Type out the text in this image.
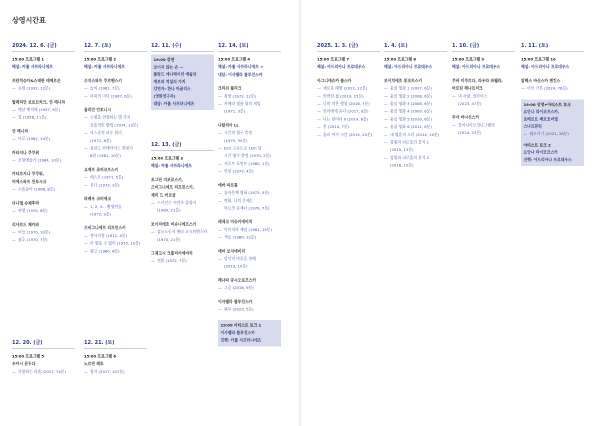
상영시간표
2024. 12. 6. (금)
15:00 프로그램 1
해설: 카롤 사프라니에츠
프란치슈카&스테판 테메르손
— 유럽 (1932, 12분)
발레리안 보로브치크, 얀 레니차
— 옛날 옛적에 (1957, 9분)
— 집 (1958, 11분)
얀 레니차
— 미로 (1962, 14분)
카타지나 쿠쿠워
— 조형예술가 (1964, 10분)
카타르지나 쿠쿠워,
비에스와프 찬토시크
— 소용돌이 (1968, 8분)
다니엘 슈체후라
— 여행 (1970, 8분)
리샤르드 체카와
— 아들 (1970, 10분)
— 점호 (1970, 7분)
12. 7. (토)
15:00 프로그램 2
해설: 카롤 사프라니에츠
즈지스와프 쿠르펜스키
— 놀이 (1962, 7분)
— 파괴의 미덕 (1967, 6분)
율리안 안토니시
— 수평을 연장하는 몇 가지
실용적인 방법 (1974, 13분)
— 닉스준의 파동 원리
(1971, 8분)
— 폴란드 카메라리스 연대기
6편 (1981, 10분)
요제프 로비코프스키
— 테스트 (1971, 5분)
— 진다 (1973, 3분)
파베우 크비에크
— 1, 2, 3... 촬영연습
(1972, 9분)
즈비그니에프 리프친스키
— 정사각형 (1972, 4분)
— 이 방을 수 없어 (1975, 10분)
— 탱고 (1980, 8분)
12. 11. (수)
19:00 강연
보이지 않는 손 —
폴란드 애니메이션 예술의
계보와 역설의 가치
강연자: 한나 마골리스
(영화연구자)
대담: 카롤 사프라니에츠
12. 13. (금)
15:00 프로그램 3
해설: 카롤 사프라니에츠
보그단 지보로스키,
즈비그니에프 리프친스키,
제리 드 커르글
— 스키선수 프란츠 플링어
(1980, 21분)
보이치에흐 비슈니에프스키
— 섬유노동자 헨타 고시치엔스카
(1975, 21분)
그제고시 크롤리키에비치
— 전환 (1972, 7분)
12. 14. (토)
15:00 프로그램 4
해설: 카롤 사프라니에츠 ×
대담: 이사벨라 플루친스카
크리쉬 풀리크
— 잠망 (1972, 12분)
— 카메라 필름 위의 게임
(1971, 3분)
나탈리아 LL
— 시간의 영구 측정
(1970, 30분)
— E22 고속도로 1km 당
시간 영구 측정 (1970, 2분)
— 서로트 포인트 (1980, 1분)
— 인상 (1973, 4분)
에바 파르톰
— 돌아온체 영화 (1973, 5분)
— 변화, 나의 문제는
마르의 문제다 (1979, 7분)
레세크 미슈키에비치
— 이미지의 게임 (1981, 15분)
— 색들 (1980, 12분)
에바 보지에비치
— 당신의 마음을 향해
(2013, 10분)
레나타 공시오로프스카
— 그곳 (2016, 9분)
이자벨라 플루친스카
— 외부 (2023, 5분)
19:00 아티스트 토크 1
이사벨라 플루친스카
진행: 카롤 사프라니에츠
12. 20. (금)
15:00 프로그램 5
우카시 몬두다
— 사랑하는 피숍 (2017, 74분)
12. 21. (토)
15:00 프로그램 6
노르만 레토
— 광자 (2017, 107분)
2025. 1. 3. (금)
15:00 프로그램 7
해설: 아드리아나 프로데우스
아그니에슈카 폴스카
— 새로운 태양 (2022, 12분)
— 언박한 삶 (2019, 15분)
— 나의 작은 행성 (2016, 7분)
— 언어에게 묻다 (2017, 8분)
— 나는 당이다 II (2014, 6분)
— 총 (2014, 7분)
— 흘러 여가 시간 (2015, 20분)
1. 4. (토)
15:00 프로그램 8
해설: 아드리아나 프로데우스
보이치에흐 봉코프스키
— 움실 영화 1 (2007, 6분)
— 움실 영화 2 (2008, 6분)
— 움실 영화 3 (2008, 6분)
— 움실 영화 4 (2009, 6분)
— 움실 영화 5 (2010, 6분)
— 움실 영화 6 (2011, 6분)
— 내 영혼의 소리 (2014, 10분)
— 강령과 피로울의 분석 1
(2015, 13분)
— 강령과 피로울의 분석 2
(2016, 10분)
1. 10. (금)
15:00 프로그램 9
해설: 아드리아나 프로데우스
쿠바 미쿠르다, 라우라 파웰라,
마르틴 레나르치크
— 내 사랑, 슬라이스
(2023, 47분)
주자 바나신스카
— 할머니이모의니그램의
(2024, 23분)
1. 11. (토)
15:00 프로그램 10
해설: 아드리아나 프로데우스
알렉스 바신스카 젠킨스
— 미인 가본 (2024, 76분)
19:00 상영+아티스트 토크
요안나 라이코프스카,
로베르트 베르호비엘
스나르본틴
— 떼오카기 (2021, 38분)
아티스트 토크 2
요안나 라이코프스카
진행: 아드리아나 프로데우스
